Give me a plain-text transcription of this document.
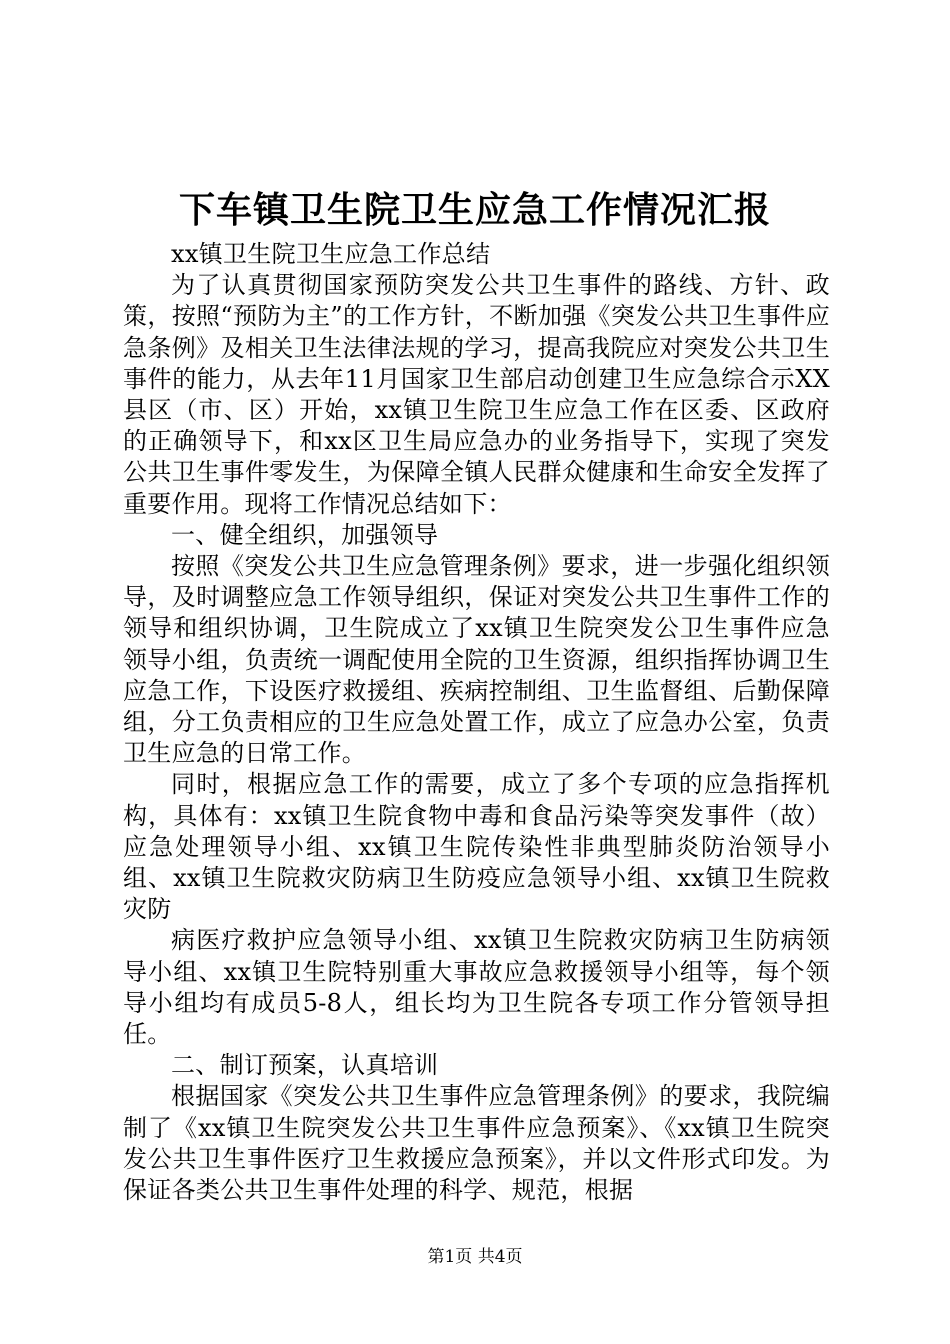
下车镇卫生院卫生应急工作情况汇报

xx镇卫生院卫生应急工作总结

为了认真贯彻国家预防突发公共卫生事件的路线、方针、政策，按照“预防为主”的工作方针，不断加强《突发公共卫生事件应急条例》及相关卫生法律法规的学习，提高我院应对突发公共卫生事件的能力，从去年11月国家卫生部启动创建卫生应急综合示XX县区（市、区）开始，xx镇卫生院卫生应急工作在区委、区政府的正确领导下，和xx区卫生局应急办的业务指导下，实现了突发公共卫生事件零发生，为保障全镇人民群众健康和生命安全发挥了重要作用。现将工作情况总结如下：

一、健全组织，加强领导

按照《突发公共卫生应急管理条例》要求，进一步强化组织领导，及时调整应急工作领导组织，保证对突发公共卫生事件工作的领导和组织协调，卫生院成立了xx镇卫生院突发公卫生事件应急领导小组，负责统一调配使用全院的卫生资源，组织指挥协调卫生应急工作，下设医疗救援组、疾病控制组、卫生监督组、后勤保障组，分工负责相应的卫生应急处置工作，成立了应急办公室，负责卫生应急的日常工作。

同时，根据应急工作的需要，成立了多个专项的应急指挥机构，具体有：xx镇卫生院食物中毒和食品污染等突发事件（故）应急处理领导小组、xx镇卫生院传染性非典型肺炎防治领导小组、xx镇卫生院救灾防病卫生防疫应急领导小组、xx镇卫生院救灾防

病医疗救护应急领导小组、xx镇卫生院救灾防病卫生防病领导小组、xx镇卫生院特别重大事故应急救援领导小组等，每个领导小组均有成员5-8人，组长均为卫生院各专项工作分管领导担任。

二、制订预案，认真培训

根据国家《突发公共卫生事件应急管理条例》的要求，我院编制了《xx镇卫生院突发公共卫生事件应急预案》、《xx镇卫生院突发公共卫生事件医疗卫生救援应急预案》，并以文件形式印发。为保证各类公共卫生事件处理的科学、规范，根据

第1页 共4页
